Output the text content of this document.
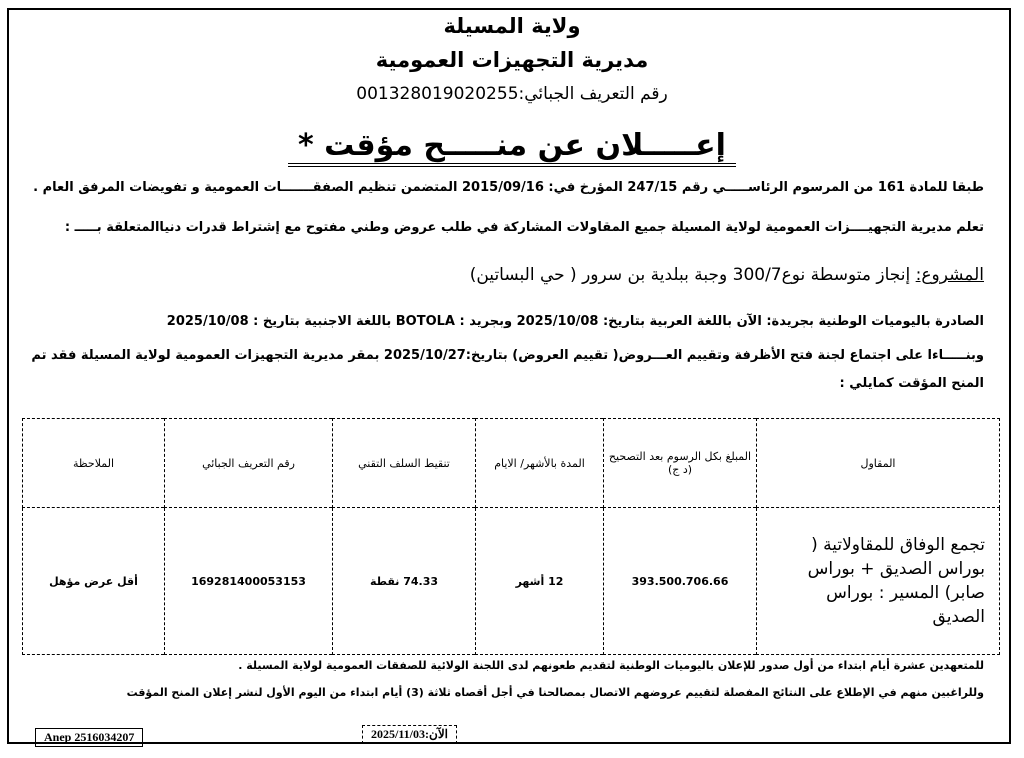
ولاية المسيلة
مديرية التجهيزات العمومية
رقم التعريف الجبائي:001328019020255
إعـــــلان عن منـــــح مؤقت *
طبقا للمادة 161 من المرسوم الرئاســـــي رقم 247/15 المؤرخ في: 2015/09/16 المتضمن تنظيم الصفقـــــــات العمومية و تفويضات المرفق العام .
تعلم مديرية التجهيــــزات العمومية لولاية المسيلة جميع المقاولات المشاركة في طلب عروض وطني مفتوح مع إشتراط قدرات دنياالمتعلقة بـــــ :
المشروع: إنجاز متوسطة نوع300/7 وجبة ببلدية بن سرور ( حي البساتين)
الصادرة باليوميات الوطنية بجريدة: الآن باللغة العربية بتاريخ: 2025/10/08 وبجريد : BOTOLA باللغة الاجنبية بتاريخ : 2025/10/08
وبنـــــاءا على اجتماع لجنة فتح الأظرفة وتقييم العـــروض( تقييم العروض) بتاريخ:2025/10/27 بمقر مديرية التجهيزات العمومية لولاية المسيلة فقد تم المنح المؤقت كمايلي :
المقاول	المبلغ بكل الرسوم بعد التصحيح (د ج)	المدة بالأشهر/ الايام	تنقيط السلف التقني	رقم التعريف الجبائي	الملاحظة
تجمع الوفاق للمقاولاتية ( بوراس الصديق + بوراس صابر) المسير : بوراس الصديق	393.500.706.66	12 أشهر	74.33 نقطة	169281400053153	أقل عرض مؤهل
للمتعهدين عشرة أيام ابتداء من أول صدور للإعلان باليوميات الوطنية لتقديم طعونهم لدى اللجنة الولائية للصفقات العمومية لولاية المسيلة .
وللراغبين منهم في الإطلاع على النتائج المفصلة لتقييم عروضهم الاتصال بمصالحنا في أجل أقصاه ثلاثة (3) أيام ابتداء من اليوم الأول لنشر إعلان المنح المؤقت
Anep 2516034207	الآن:2025/11/03
